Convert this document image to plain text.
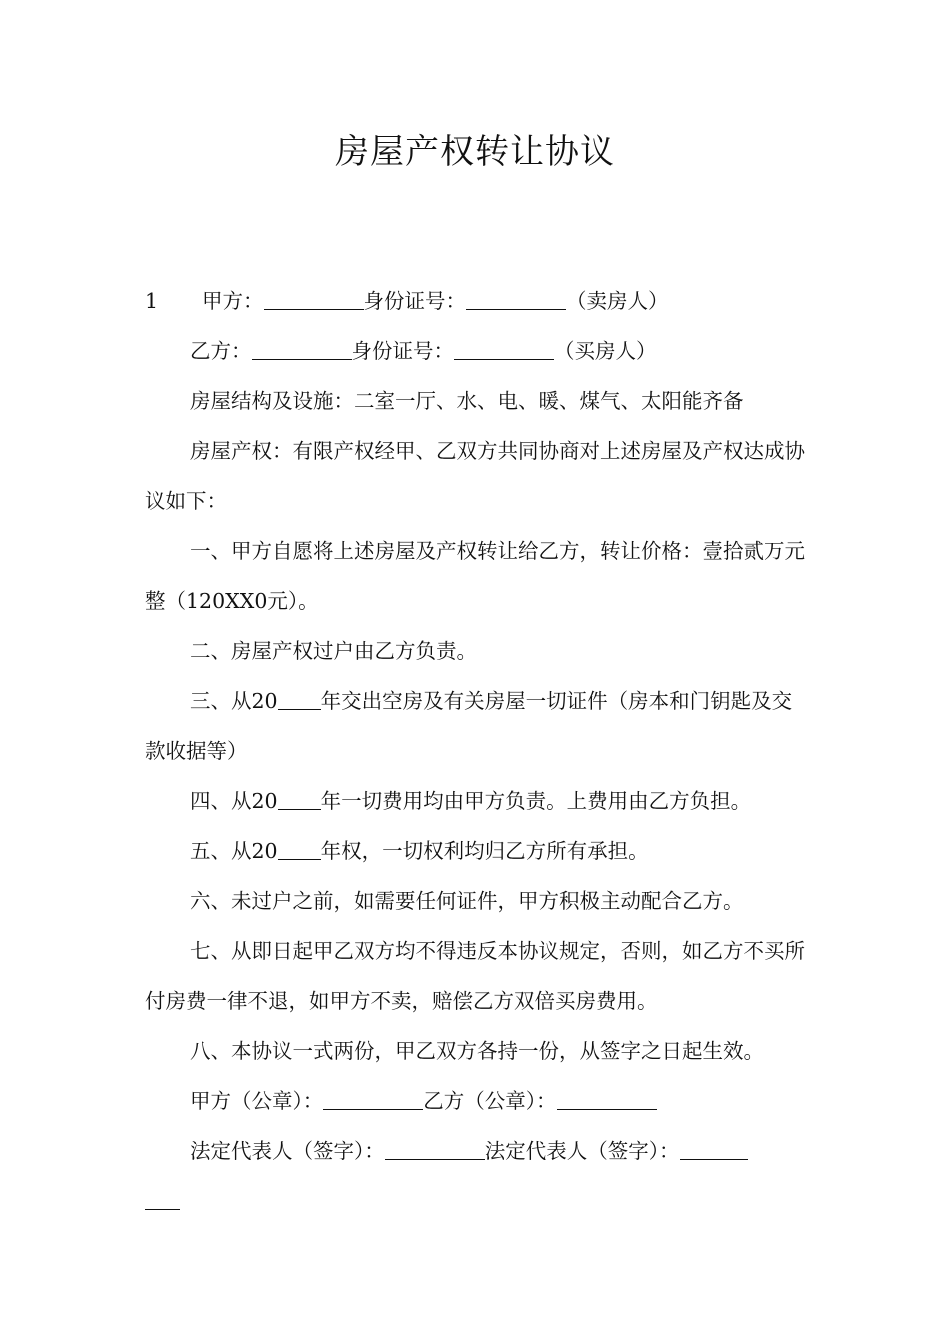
房屋产权转让协议
1	甲方：	身份证号：	（卖房人）
乙方：	身份证号：	（买房人）

房屋结构及设施：二室一厅、水、电、暖、煤气、太阳能齐备

房屋产权：有限产权经甲、乙双方共同协商对上述房屋及产权达成协议如下：

一、甲方自愿将上述房屋及产权转让给乙方，转让价格：壹拾贰万元整（120XX0元）。

二、房屋产权过户由乙方负责。

三、从20 年交出空房及有关房屋一切证件（房本和门钥匙及交款收据等）
四、从20 年一切费用均由甲方负责。上费用由乙方负担。
五、从20 年权，一切权利均归乙方所有承担。

六、未过户之前，如需要任何证件，甲方积极主动配合乙方。

七、从即日起甲乙双方均不得违反本协议规定，否则，如乙方不买所付房费一律不退，如甲方不卖，赔偿乙方双倍买房费用。

八、本协议一式两份，甲乙双方各持一份，从签字之日起生效。

甲方（公章）：	乙方（公章）：
法定代表人（签字）：	法定代表人（签字）：
